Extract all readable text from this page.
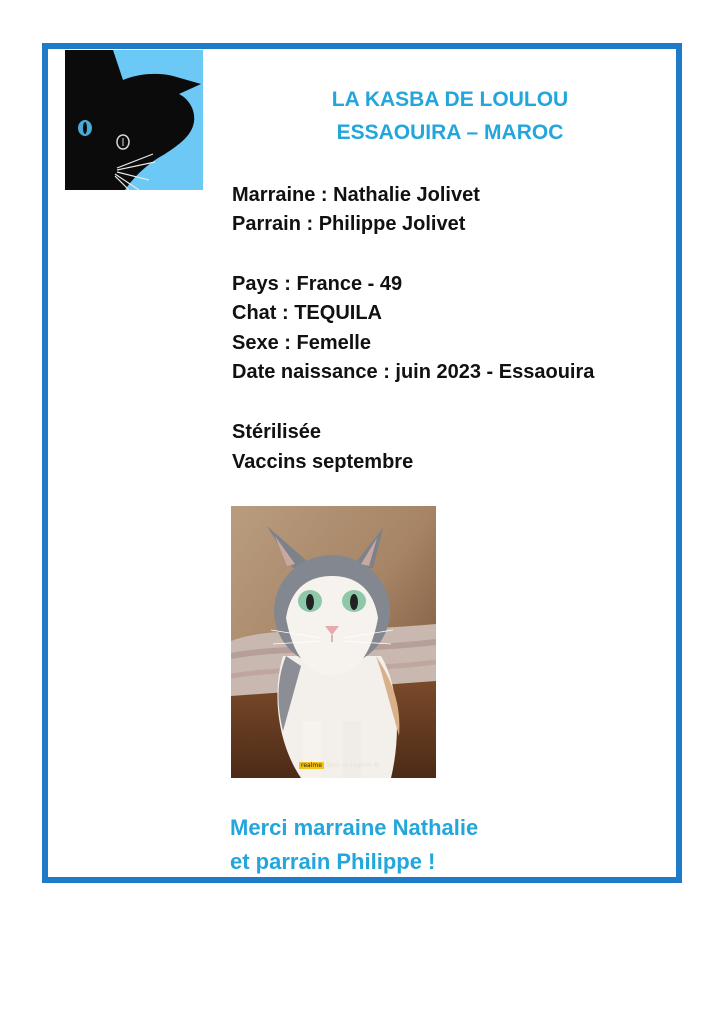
LA KASBA DE LOULOU
ESSAOUIRA – MAROC
Marraine : Nathalie Jolivet
Parrain : Philippe Jolivet
Pays : France - 49
Chat : TEQUILA
Sexe : Femelle
Date naissance : juin 2023 - Essaouira
Stérilisée
Vaccins septembre
realme Shot on realme 6i
Merci marraine Nathalie
et parrain Philippe !
